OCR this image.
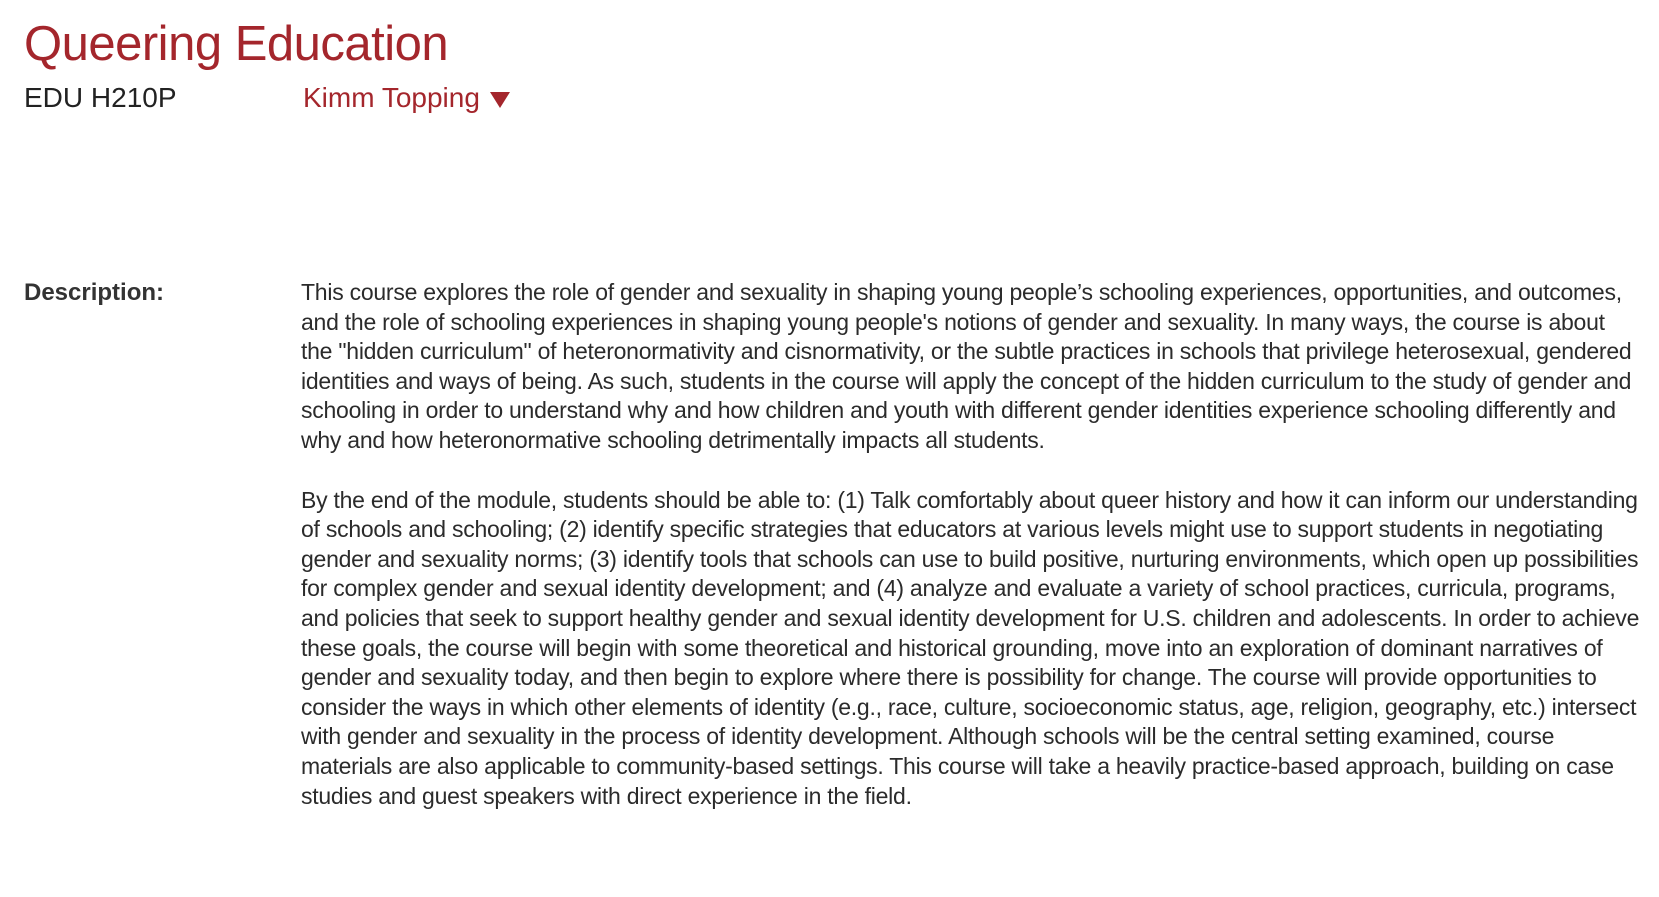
Queering Education
EDU H210P	Kimm Topping
Description:	This course explores the role of gender and sexuality in shaping young people’s schooling experiences, opportunities, and outcomes, and the role of schooling experiences in shaping young people's notions of gender and sexuality. In many ways, the course is about the "hidden curriculum" of heteronormativity and cisnormativity, or the subtle practices in schools that privilege heterosexual, gendered identities and ways of being. As such, students in the course will apply the concept of the hidden curriculum to the study of gender and schooling in order to understand why and how children and youth with different gender identities experience schooling differently and why and how heteronormative schooling detrimentally impacts all students.

By the end of the module, students should be able to: (1) Talk comfortably about queer history and how it can inform our understanding of schools and schooling; (2) identify specific strategies that educators at various levels might use to support students in negotiating gender and sexuality norms; (3) identify tools that schools can use to build positive, nurturing environments, which open up possibilities for complex gender and sexual identity development; and (4) analyze and evaluate a variety of school practices, curricula, programs, and policies that seek to support healthy gender and sexual identity development for U.S. children and adolescents. In order to achieve these goals, the course will begin with some theoretical and historical grounding, move into an exploration of dominant narratives of gender and sexuality today, and then begin to explore where there is possibility for change. The course will provide opportunities to consider the ways in which other elements of identity (e.g., race, culture, socioeconomic status, age, religion, geography, etc.) intersect with gender and sexuality in the process of identity development. Although schools will be the central setting examined, course materials are also applicable to community-based settings. This course will take a heavily practice-based approach, building on case studies and guest speakers with direct experience in the field.
